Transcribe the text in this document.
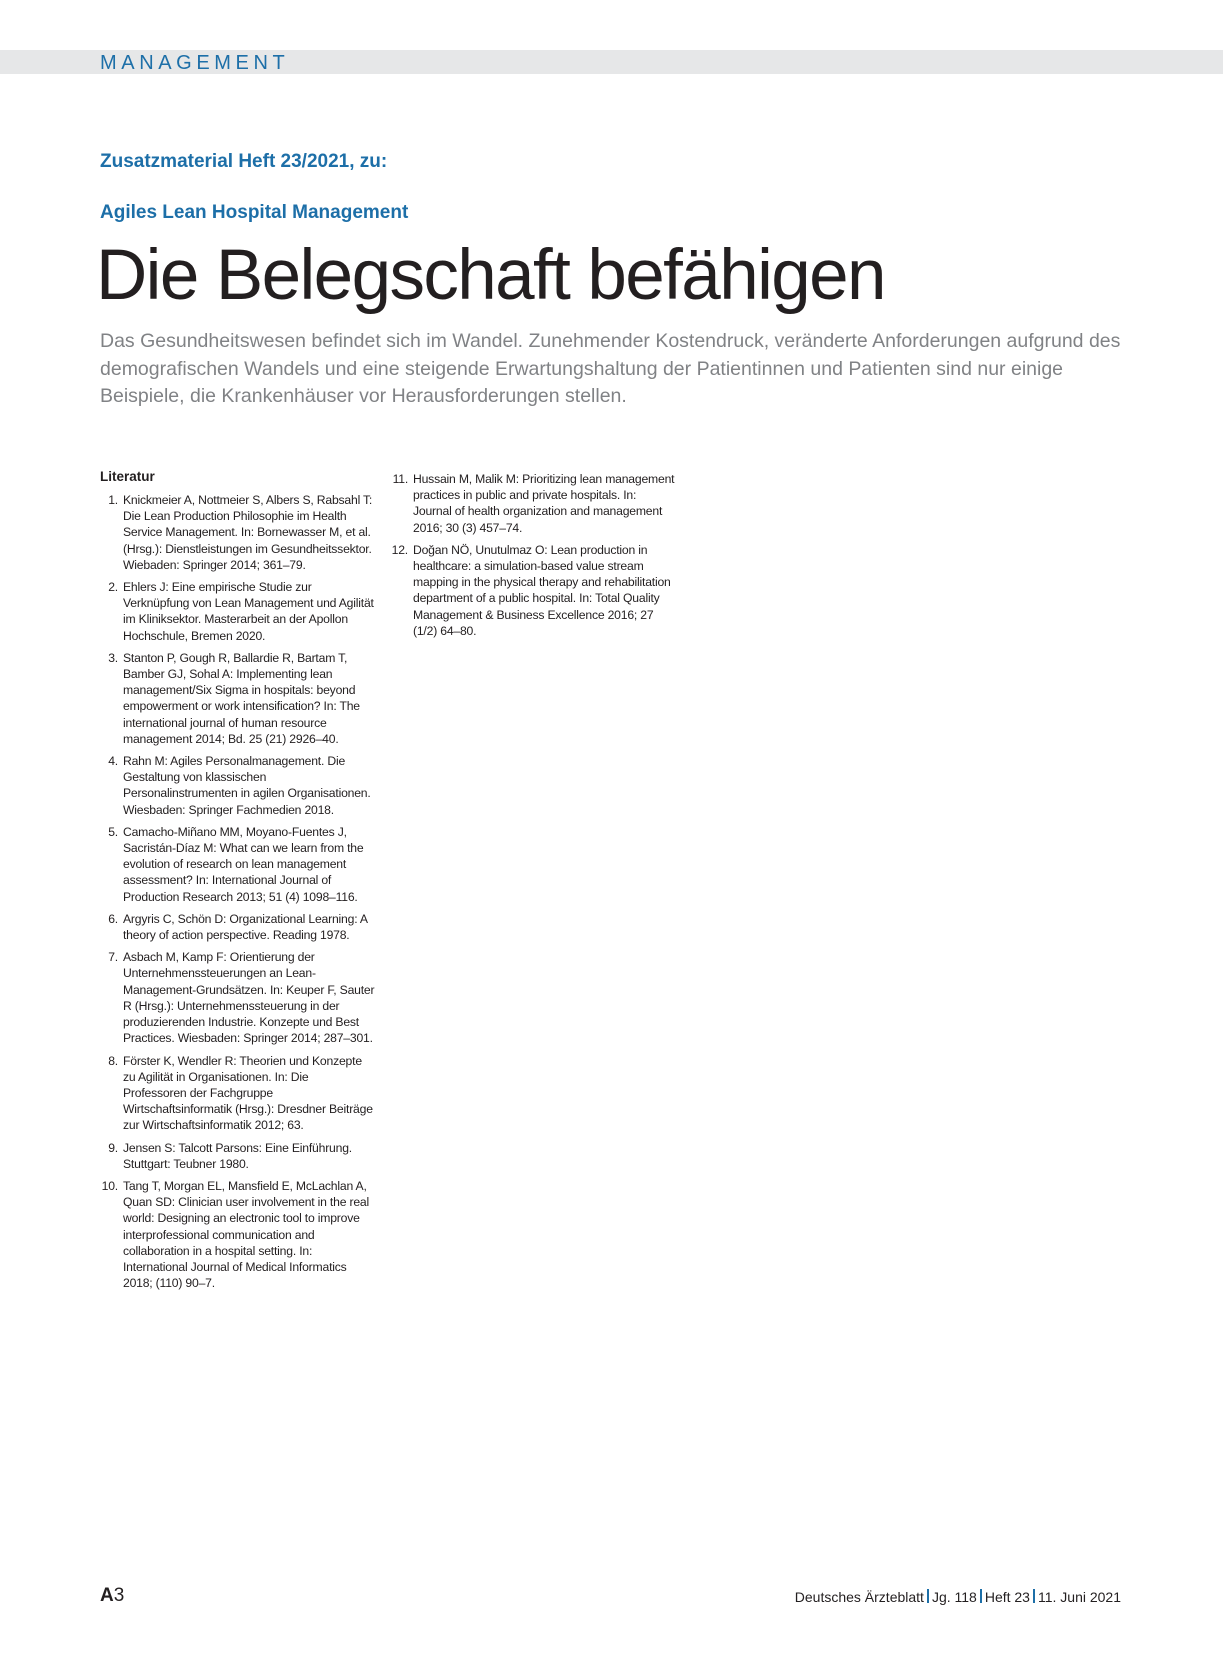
MANAGEMENT
Zusatzmaterial Heft 23/2021, zu:
Agiles Lean Hospital Management
Die Belegschaft befähigen

Das Gesundheitswesen befindet sich im Wandel. Zunehmender Kostendruck, veränderte Anforderungen aufgrund des demografischen Wandels und eine steigende Erwartungshaltung der Patientinnen und Patienten sind nur einige Beispiele, die Krankenhäuser vor Herausforderungen stellen.

Literatur
1. Knickmeier A, Nottmeier S, Albers S, Rabsahl T: Die Lean Production Philosophie im Health Service Management. In: Bornewasser M, et al. (Hrsg.): Dienstleistungen im Gesundheitssektor. Wiebaden: Springer 2014; 361–79.
2. Ehlers J: Eine empirische Studie zur Verknüpfung von Lean Management und Agilität im Kliniksektor. Masterarbeit an der Apollon Hochschule, Bremen 2020.
3. Stanton P, Gough R, Ballardie R, Bartam T, Bamber GJ, Sohal A: Implementing lean management/Six Sigma in hospitals: beyond empowerment or work intensification? In: The international journal of human resource management 2014; Bd. 25 (21) 2926–40.
4. Rahn M: Agiles Personalmanagement. Die Gestaltung von klassischen Personalinstrumenten in agilen Organisationen. Wiesbaden: Springer Fachmedien 2018.
5. Camacho-Miñano MM, Moyano-Fuentes J, Sacristán-Díaz M: What can we learn from the evolution of research on lean management assessment? In: International Journal of Production Research 2013; 51 (4) 1098–116.
6. Argyris C, Schön D: Organizational Learning: A theory of action perspective. Reading 1978.
7. Asbach M, Kamp F: Orientierung der Unternehmenssteuerungen an Lean-Management-Grundsätzen. In: Keuper F, Sauter R (Hrsg.): Unternehmenssteuerung in der produzierenden Industrie. Konzepte und Best Practices. Wiesbaden: Springer 2014; 287–301.
8. Förster K, Wendler R: Theorien und Konzepte zu Agilität in Organisationen. In: Die Professoren der Fachgruppe Wirtschaftsinformatik (Hrsg.): Dresdner Beiträge zur Wirtschaftsinformatik 2012; 63.
9. Jensen S: Talcott Parsons: Eine Einführung. Stuttgart: Teubner 1980.
10. Tang T, Morgan EL, Mansfield E, McLachlan A, Quan SD: Clinician user involvement in the real world: Designing an electronic tool to improve interprofessional communication and collaboration in a hospital setting. In: International Journal of Medical Informatics 2018; (110) 90–7.
11. Hussain M, Malik M: Prioritizing lean management practices in public and private hospitals. In: Journal of health organization and management 2016; 30 (3) 457–74.
12. Doğan NÖ, Unutulmaz O: Lean production in healthcare: a simulation-based value stream mapping in the physical therapy and rehabilitation department of a public hospital. In: Total Quality Management & Business Excellence 2016; 27 (1/2) 64–80.
A3	Deutsches Ärzteblatt Jg. 118 Heft 23 11. Juni 2021
